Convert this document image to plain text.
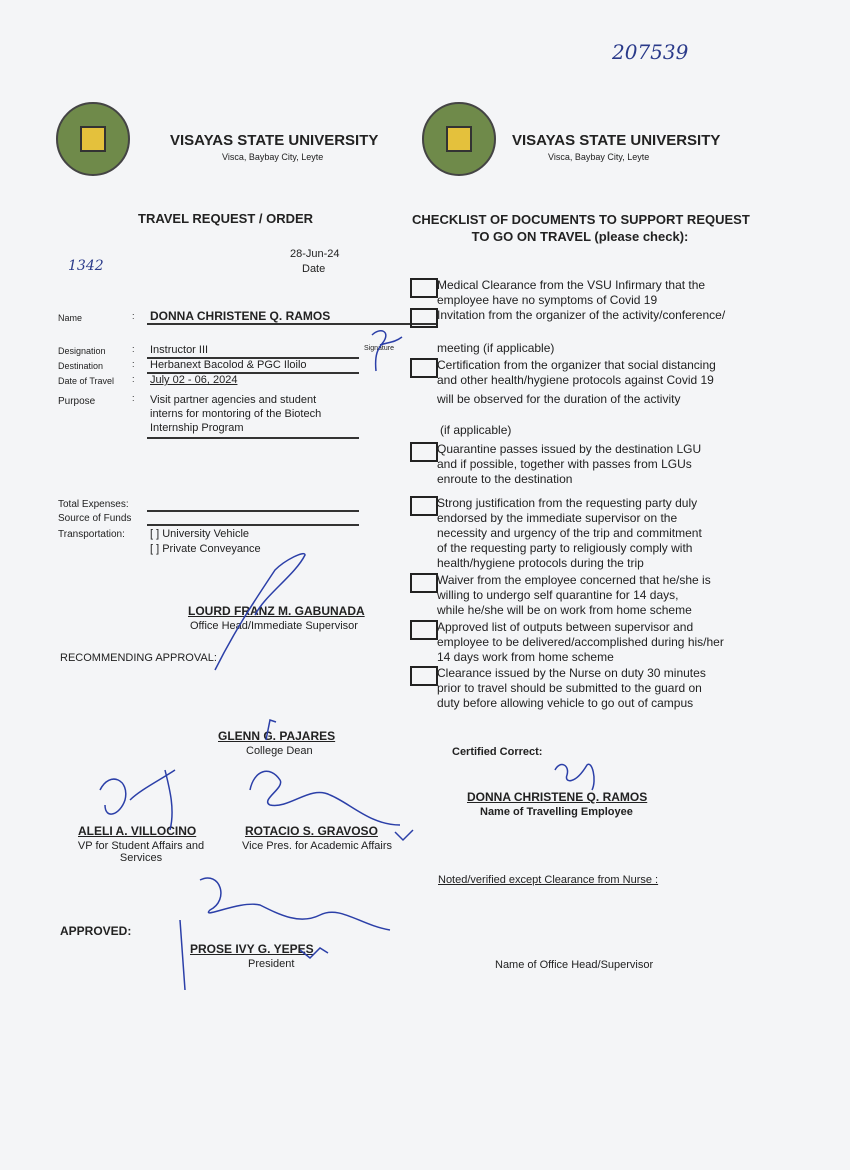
207539
1342
VISAYAS STATE UNIVERSITY
Visca, Baybay City, Leyte
VISAYAS STATE UNIVERSITY
Visca, Baybay City, Leyte
TRAVEL REQUEST / ORDER
28-Jun-24
Date
Name	: DONNA CHRISTENE Q. RAMOS
Signature
Designation	: Instructor III
Destination	: Herbanext Bacolod & PGC Iloilo
Date of Travel : July 02 - 06, 2024
Purpose	: Visit partner agencies and student
interns for montoring of the Biotech
Internship Program
Total Expenses:
Source of Funds
Transportation: [ ] University Vehicle
[ ] Private Conveyance
CHECKLIST OF DOCUMENTS TO SUPPORT REQUEST
TO GO ON TRAVEL (please check):
Medical Clearance from the VSU Infirmary that the
employee have no symptoms of Covid 19
Invitation from the organizer of the activity/conference/
meeting (if applicable)
Certification from the organizer that social distancing
and other health/hygiene protocols against Covid 19
will be observed for the duration of the activity
(if applicable)
Quarantine passes issued by the destination LGU
and if possible, together with passes from LGUs
enroute to the destination
Strong justification from the requesting party duly
endorsed by the immediate supervisor on the
necessity and urgency of the trip and commitment
of the requesting party to religiously comply with
health/hygiene protocols during the trip
Waiver from the employee concerned that he/she is
willing to undergo self quarantine for 14 days,
while he/she will be on work from home scheme
Approved list of outputs between supervisor and
employee to be delivered/accomplished during his/her
14 days work from home scheme
Clearance issued by the Nurse on duty 30 minutes
prior to travel should be submitted to the guard on
duty before allowing vehicle to go out of campus
LOURD FRANZ M. GABUNADA
Office Head/Immediate Supervisor
RECOMMENDING APPROVAL:
GLENN G. PAJARES
College Dean
ALELI A. VILLOCINO
VP for Student Affairs and
Services
ROTACIO S. GRAVOSO
Vice Pres. for Academic Affairs
APPROVED:
PROSE IVY G. YEPES
President
Certified Correct:
DONNA CHRISTENE Q. RAMOS
Name of Travelling Employee
Noted/verified except Clearance from Nurse :
Name of Office Head/Supervisor
